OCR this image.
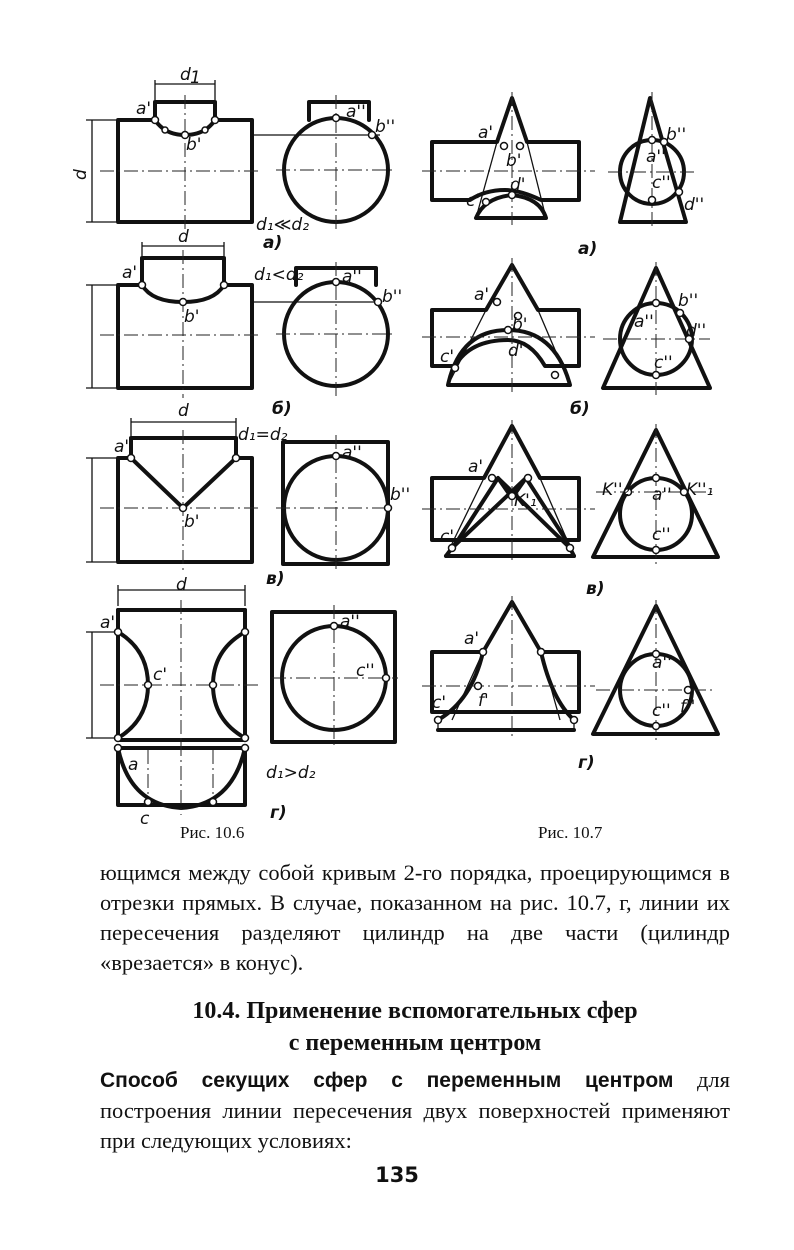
d 1
a'
b'
d
d₁≪d₂
а)
a''
b''
d
a'
b'
d₁<d₂
б)
a''
b''
d
a'
b'
d₁=d₂
в)
a''
b''
d
a'
c'
a
c
d₁>d₂
г)
a''
c''
Рис. 10.6
a'
b'
c'
d'
а)
a''
b''
c''
d''
a'
b'
c'	d'
б)
a''
b''
c''
d''
a'
K'₁
c'
в)
K''₂ a'' K''₁
c''
a'
c' f'
г)
a''
c'' f''
Рис. 10.7

ющимся между собой кривым 2-го порядка, проецирующимся в отрезки прямых. В случае, показанном на рис. 10.7, г, линии их пересечения разделяют цилиндр на две части (цилиндр «врезается» в конус).

10.4. Применение вспомогательных сфер
с переменным центром

Способ секущих сфер с переменным центром для построения линии пересечения двух поверхностей применяют при следующих условиях:

135
